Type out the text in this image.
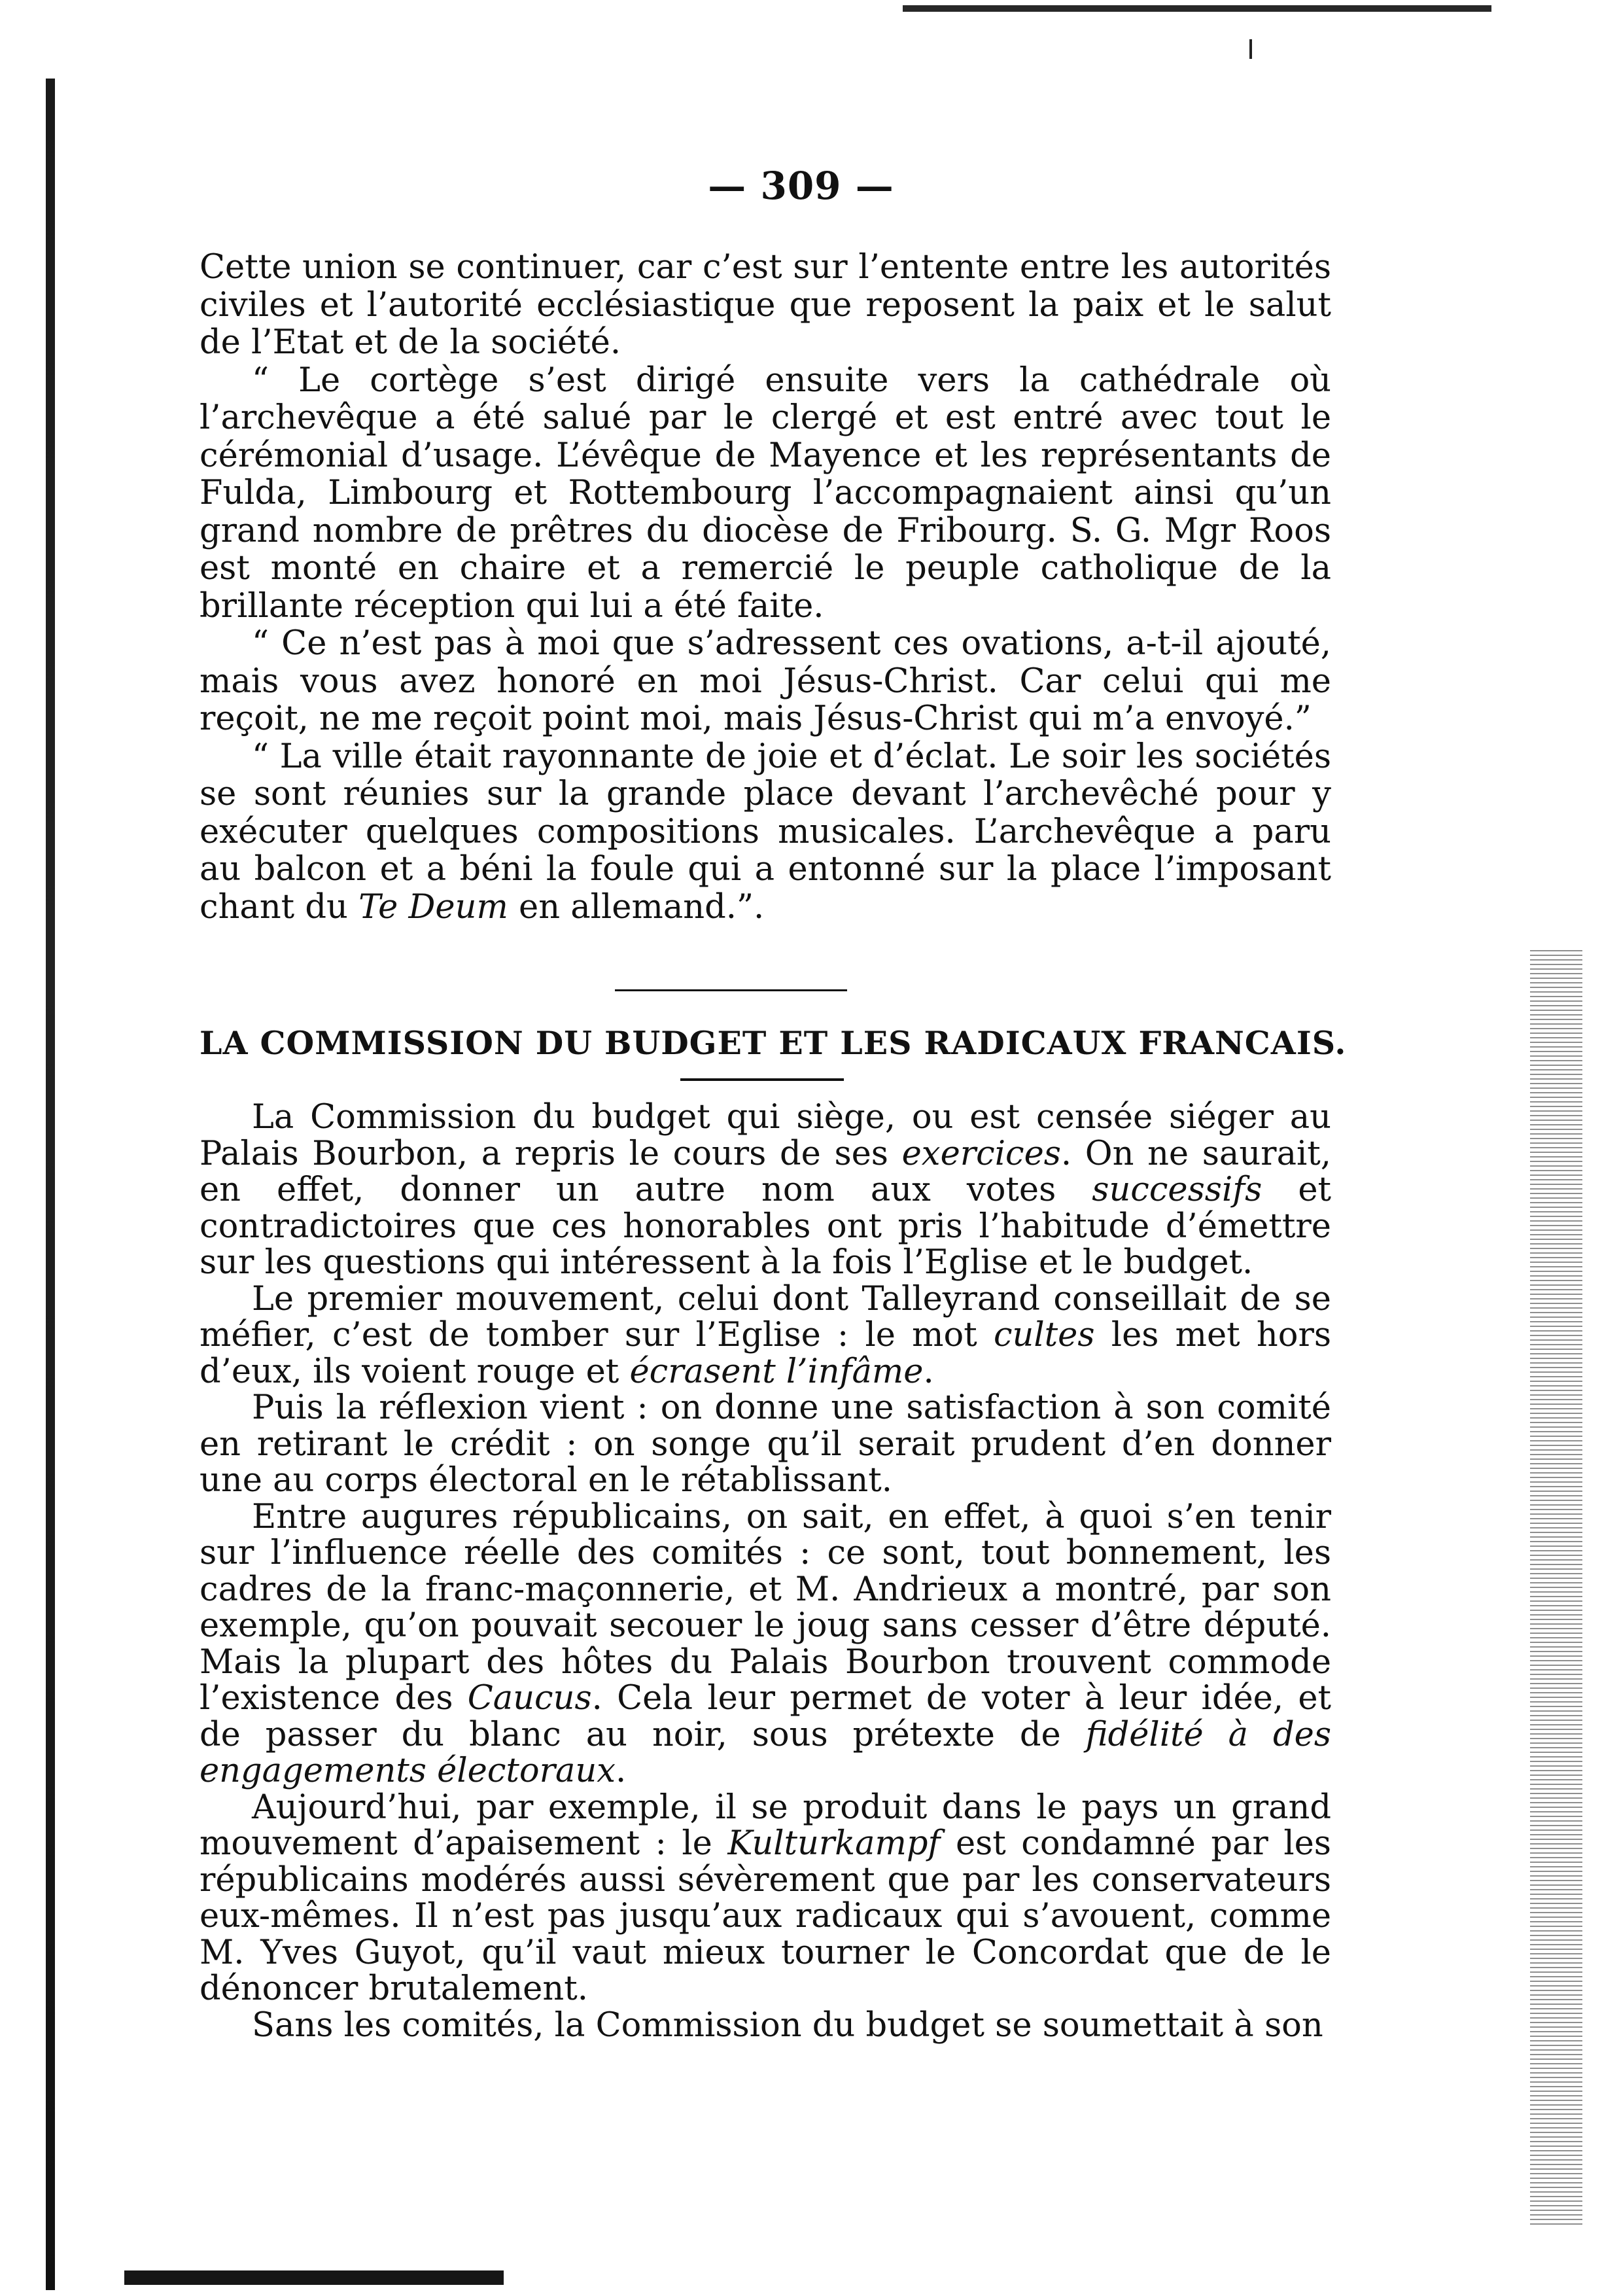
— 309 —

Cette union se continuer, car c’est sur l’entente entre les autorités civiles et l’autorité ecclésiastique que reposent la paix et le salut de l’Etat et de la société.

“ Le cortège s’est dirigé ensuite vers la cathédrale où l’archevêque a été salué par le clergé et est entré avec tout le cérémonial d’usage. L’évêque de Mayence et les représentants de Fulda, Limbourg et Rottembourg l’accompagnaient ainsi qu’un grand nombre de prêtres du diocèse de Fribourg. S. G. Mgr Roos est monté en chaire et a remercié le peuple catholique de la brillante réception qui lui a été faite.

“ Ce n’est pas à moi que s’adressent ces ovations, a-t-il ajouté, mais vous avez honoré en moi Jésus-Christ. Car celui qui me reçoit, ne me reçoit point moi, mais Jésus-Christ qui m’a envoyé.”

“ La ville était rayonnante de joie et d’éclat. Le soir les sociétés se sont réunies sur la grande place devant l’archevêché pour y exécuter quelques compositions musicales. L’archevêque a paru au balcon et a béni la foule qui a entonné sur la place l’imposant chant du Te Deum en allemand.”.

LA COMMISSION DU BUDGET ET LES RADICAUX FRANCAIS.

La Commission du budget qui siège, ou est censée siéger au Palais Bourbon, a repris le cours de ses exercices. On ne saurait, en effet, donner un autre nom aux votes successifs et contradictoires que ces honorables ont pris l’habitude d’émettre sur les questions qui intéressent à la fois l’Eglise et le budget.

Le premier mouvement, celui dont Talleyrand conseillait de se méfier, c’est de tomber sur l’Eglise : le mot cultes les met hors d’eux, ils voient rouge et écrasent l’infâme.

Puis la réflexion vient : on donne une satisfaction à son comité en retirant le crédit : on songe qu’il serait prudent d’en donner une au corps électoral en le rétablissant.

Entre augures républicains, on sait, en effet, à quoi s’en tenir sur l’influence réelle des comités : ce sont, tout bonnement, les cadres de la franc-maçonnerie, et M. Andrieux a montré, par son exemple, qu’on pouvait secouer le joug sans cesser d’être député. Mais la plupart des hôtes du Palais Bourbon trouvent commode l’existence des Caucus. Cela leur permet de voter à leur idée, et de passer du blanc au noir, sous prétexte de fidélité à des engagements électoraux.

Aujourd’hui, par exemple, il se produit dans le pays un grand mouvement d’apaisement : le Kulturkampf est condamné par les républicains modérés aussi sévèrement que par les conservateurs eux-mêmes. Il n’est pas jusqu’aux radicaux qui s’avouent, comme M. Yves Guyot, qu’il vaut mieux tourner le Concordat que de le dénoncer brutalement.

Sans les comités, la Commission du budget se soumettait à son
